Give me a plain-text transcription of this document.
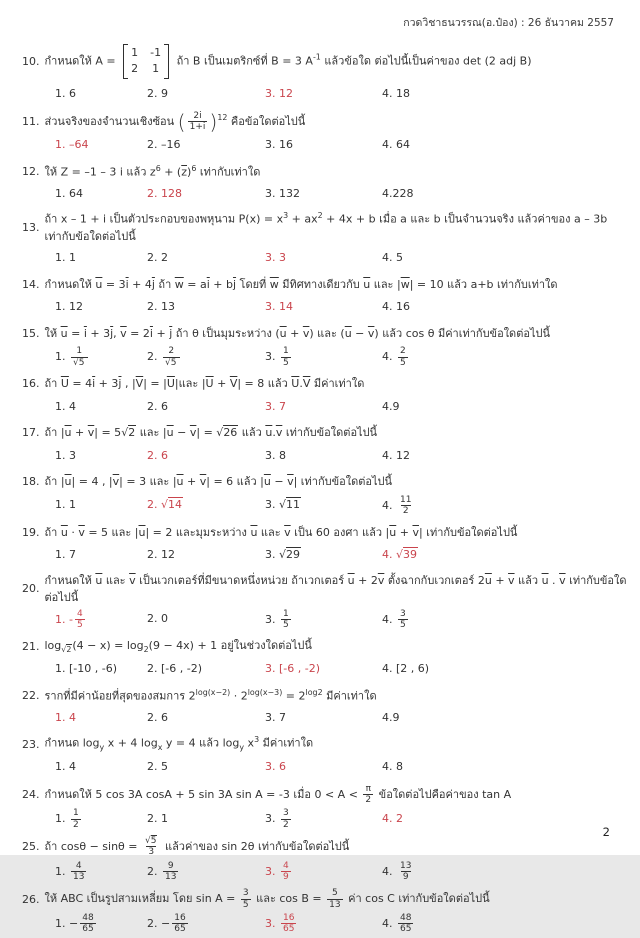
กวดวิชาธนวรรณ(อ.ป๋อง) : 26 ธันวาคม 2557
10. กำหนดให้ A =
1 -1
2 1
ถ้า B เป็นเมตริกซ์ที่ B = 3 $A^{-1}$ แล้วข้อใด ต่อไปนี้เป็นค่าของ det (2 adj B)
1. 6	2. 9	3. 12	4. 18
11. ส่วนจริงของจำนวนเชิงซ้อน ( $\frac{2i}{1+i} )^{12}$ คือข้อใดต่อไปนี้
1. –64	2. –16	3. 16	4. 64
12. ให้ Z = –1 – 3 i แล้ว $z^6 + (\overline{z})^6$ เท่ากับเท่าใด
1. 64	2. 128	3. 132	4.228
13.
ถ้า x – 1 + i เป็นตัวประกอบของพหุนาม $P(x) = x^3 + ax^2 + 4x + b$ เมื่อ a และ b เป็นจำนวนจริง แล้วค่าของ a – 3b เท่ากับข้อใดต่อไปนี้
1. 1	2. 2	3. 3	4. 5
14. กำหนดให้ $\overline{u} = 3\overline{i} + 4\overline{j}$ ถ้า $\overline{w} = a\overline{i} + b\overline{j}$ โดยที่ $\overline{w}$ มีทิศทางเดียวกับ $\overline{u}$ และ $|\overline{w}| = 10$ แล้ว a+b เท่ากับเท่าใด
1. 12	2. 13	3. 14	4. 16
15. ให้ $\overline{u} = \overline{i} + 3\overline{j}$, $\overline{v} = 2\overline{i} + \overline{j}$ ถ้า θ เป็นมุมระหว่าง $(\overline{u} + \overline{v})$ และ $(\overline{u} - \overline{v})$ แล้ว cos θ มีค่าเท่ากับข้อใดต่อไปนี้
1. $\frac{1}{√5}$	2. $\frac{2}{√5}$	3. $\frac{1}{5}$	4. $\frac{2}{5}$
16. ถ้า $\overline{U} = 4\overline{i} + 3\overline{j}$ , $|\overline{V}| = |\overline{U}|$และ $|\overline{U} + \overline{V}| = 8$ แล้ว $\overline{U}.\overline{V}$ มีค่าเท่าใด
1. 4	2. 6	3. 7	4.9
17. ถ้า $|\overline{u} + \overline{v}| = 5√2$ และ $|\overline{u} - \overline{v}| = √26$ แล้ว $\overline{u}.\overline{v}$ เท่ากับข้อใดต่อไปนี้
1. 3	2. 6	3. 8	4. 12
18. ถ้า $|\overline{u}| = 4$ , $|\overline{v}| = 3$ และ $|\overline{u} + \overline{v}| = 6$ แล้ว $|\overline{u} - \overline{v}|$ เท่ากับข้อใดต่อไปนี้
1. 1	2. √14	3. √11	4. $\frac{11}{2}$
19. ถ้า $\overline{u} \cdot \overline{v} = 5$ และ $|\overline{u}| = 2$ และมุมระหว่าง $\overline{u}$ และ $\overline{v}$ เป็น 60 องศา แล้ว $|\overline{u} + \overline{v}|$ เท่ากับข้อใดต่อไปนี้
1. 7	2. 12	3. √29	4. √39
20.
กำหนดให้ $\overline{u}$ และ $\overline{v}$ เป็นเวกเตอร์ที่มีขนาดหนึ่งหน่วย ถ้าเวกเตอร์ $\overline{u} + 2\overline{v}$ ตั้งฉากกับเวกเตอร์ $2\overline{u} + \overline{v}$ แล้ว $\overline{u}$ . $\overline{v}$ เท่ากับข้อใดต่อไปนี้
1. - $\frac{4}{5}$	2. 0	3. $\frac{1}{5}$	4. $\frac{3}{5}$
21. $\log_{√2}(4 - x) = \log_2(9 - 4x) + 1$ อยู่ในช่วงใดต่อไปนี้
1. [-10 , -6)	2. [-6 , -2)	3. [-6 , -2)	4. [2 , 6)
22. รากที่มีค่าน้อยที่สุดของสมการ $2^{log(x-2)} \cdot 2^{log(x-3)} = 2^{log2}$ มีค่าเท่าใด
1. 4	2. 6	3. 7	4.9
23. กำหนด $\log_y x + 4$ $\log_x y = 4$ แล้ว $\log_y x^3$ มีค่าเท่าใด
1. 4	2. 5	3. 6	4. 8
24. กำหนดให้ 5 cos 3A cosA + 5 sin 3A sin A = -3 เมื่อ $0 < A < \frac{\pi}{2}$ ข้อใดต่อไปคือค่าของ tan A
1. $\frac{1}{2}$	2. 1	3. $\frac{3}{2}$	4. 2
25. ถ้า $\cos\theta - \sin\theta = \frac{√5}{3}$ แล้วค่าของ sin 2θ เท่ากับข้อใดต่อไปนี้
1. $\frac{4}{13}$	2. $\frac{9}{13}$	3. $\frac{4}{9}$	4. $\frac{13}{9}$
26. ให้ ABC เป็นรูปสามเหลี่ยม โดย $\sin A = \frac{3}{5}$ และ $\cos B = \frac{5}{13}$ ค่า cos C เท่ากับข้อใดต่อไปนี้
1. − $\frac{48}{65}$	2. − $\frac{16}{65}$	3. $\frac{16}{65}$	4. $\frac{48}{65}$
2
